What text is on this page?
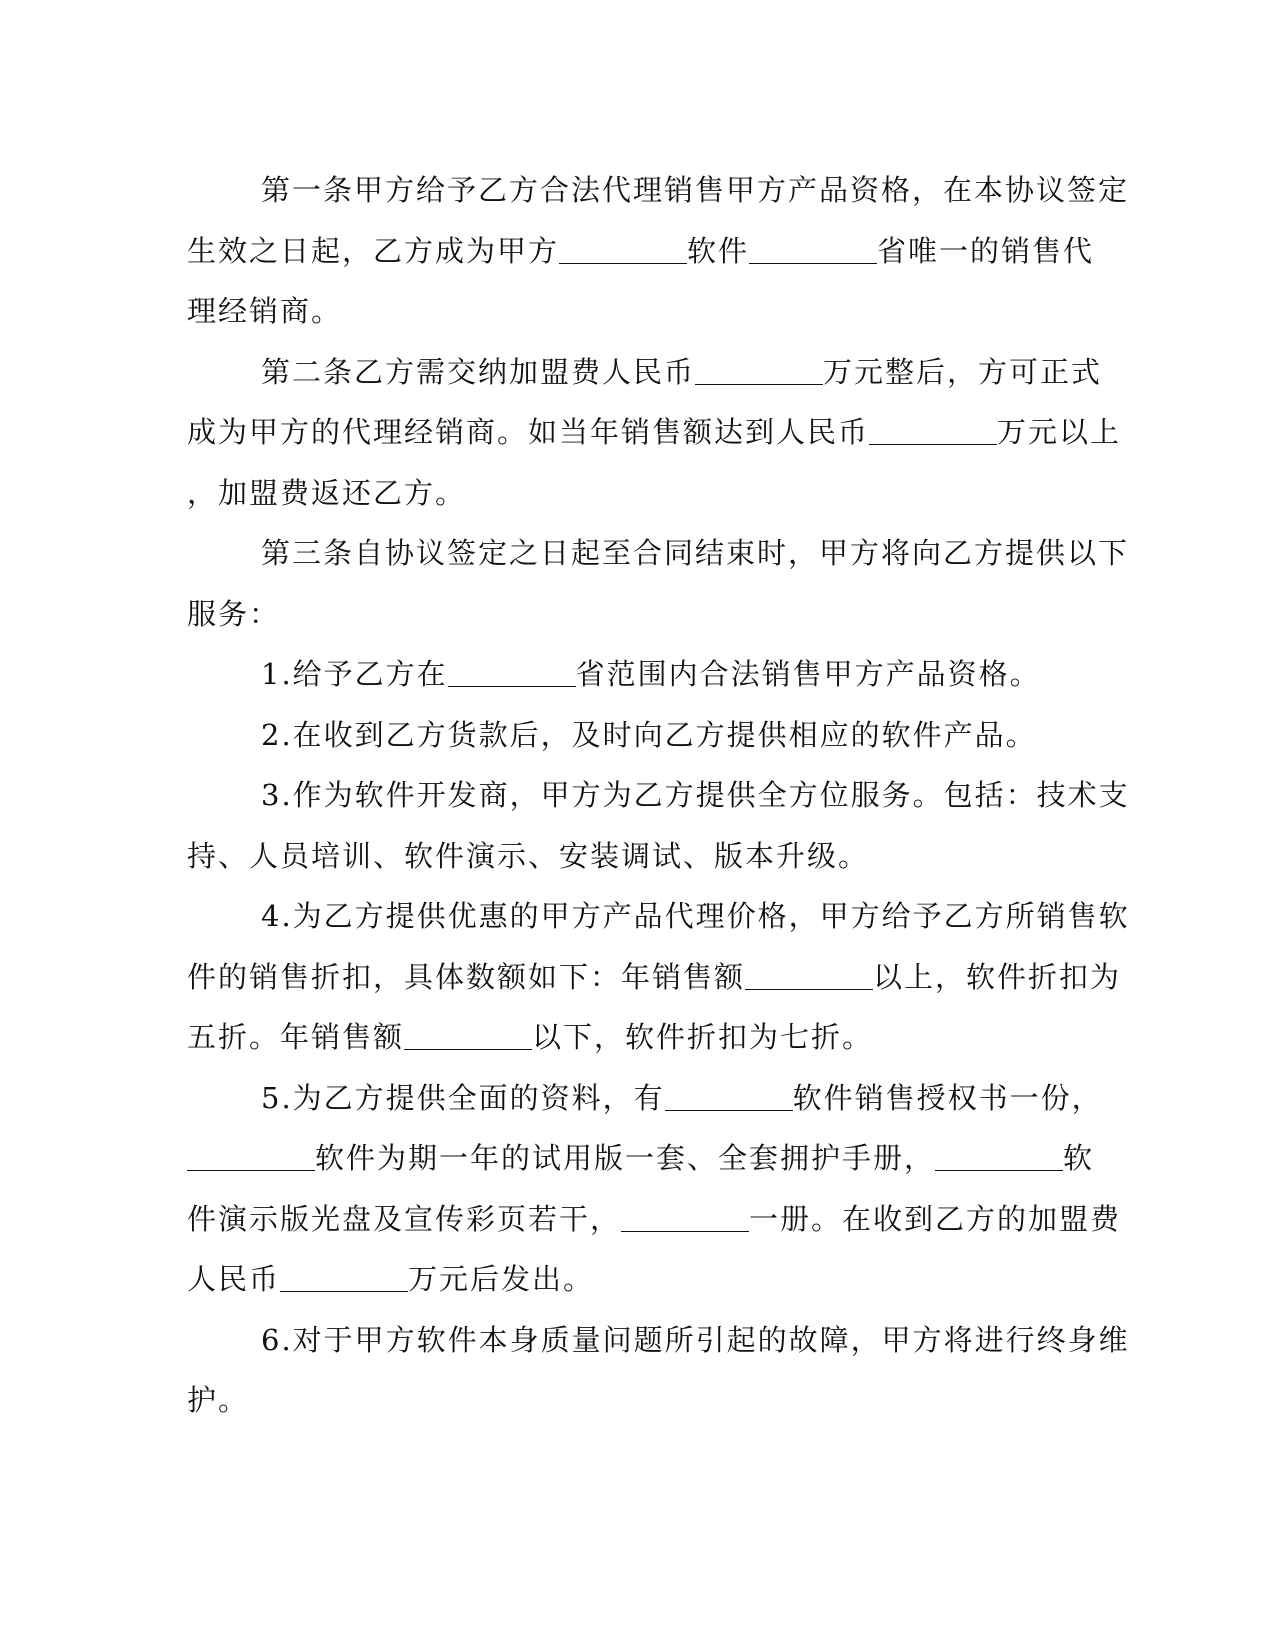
第一条甲方给予乙方合法代理销售甲方产品资格，在本协议签定

生效之日起，乙方成为甲方	软件	省唯一的销售代

理经销商。

第二条乙方需交纳加盟费人民币	万元整后，方可正式

成为甲方的代理经销商。如当年销售额达到人民币	万元以上

，加盟费返还乙方。

第三条自协议签定之日起至合同结束时，甲方将向乙方提供以下

服务：

1.给予乙方在	省范围内合法销售甲方产品资格。

2.在收到乙方货款后，及时向乙方提供相应的软件产品。

3.作为软件开发商，甲方为乙方提供全方位服务。包括：技术支

持、人员培训、软件演示、安装调试、版本升级。

4.为乙方提供优惠的甲方产品代理价格，甲方给予乙方所销售软

件的销售折扣，具体数额如下：年销售额	以上，软件折扣为

五折。年销售额	以下，软件折扣为七折。

5.为乙方提供全面的资料，有	软件销售授权书一份，

软件为期一年的试用版一套、全套拥护手册，	软

件演示版光盘及宣传彩页若干，	一册。在收到乙方的加盟费

人民币	万元后发出。

6.对于甲方软件本身质量问题所引起的故障，甲方将进行终身维

护。
